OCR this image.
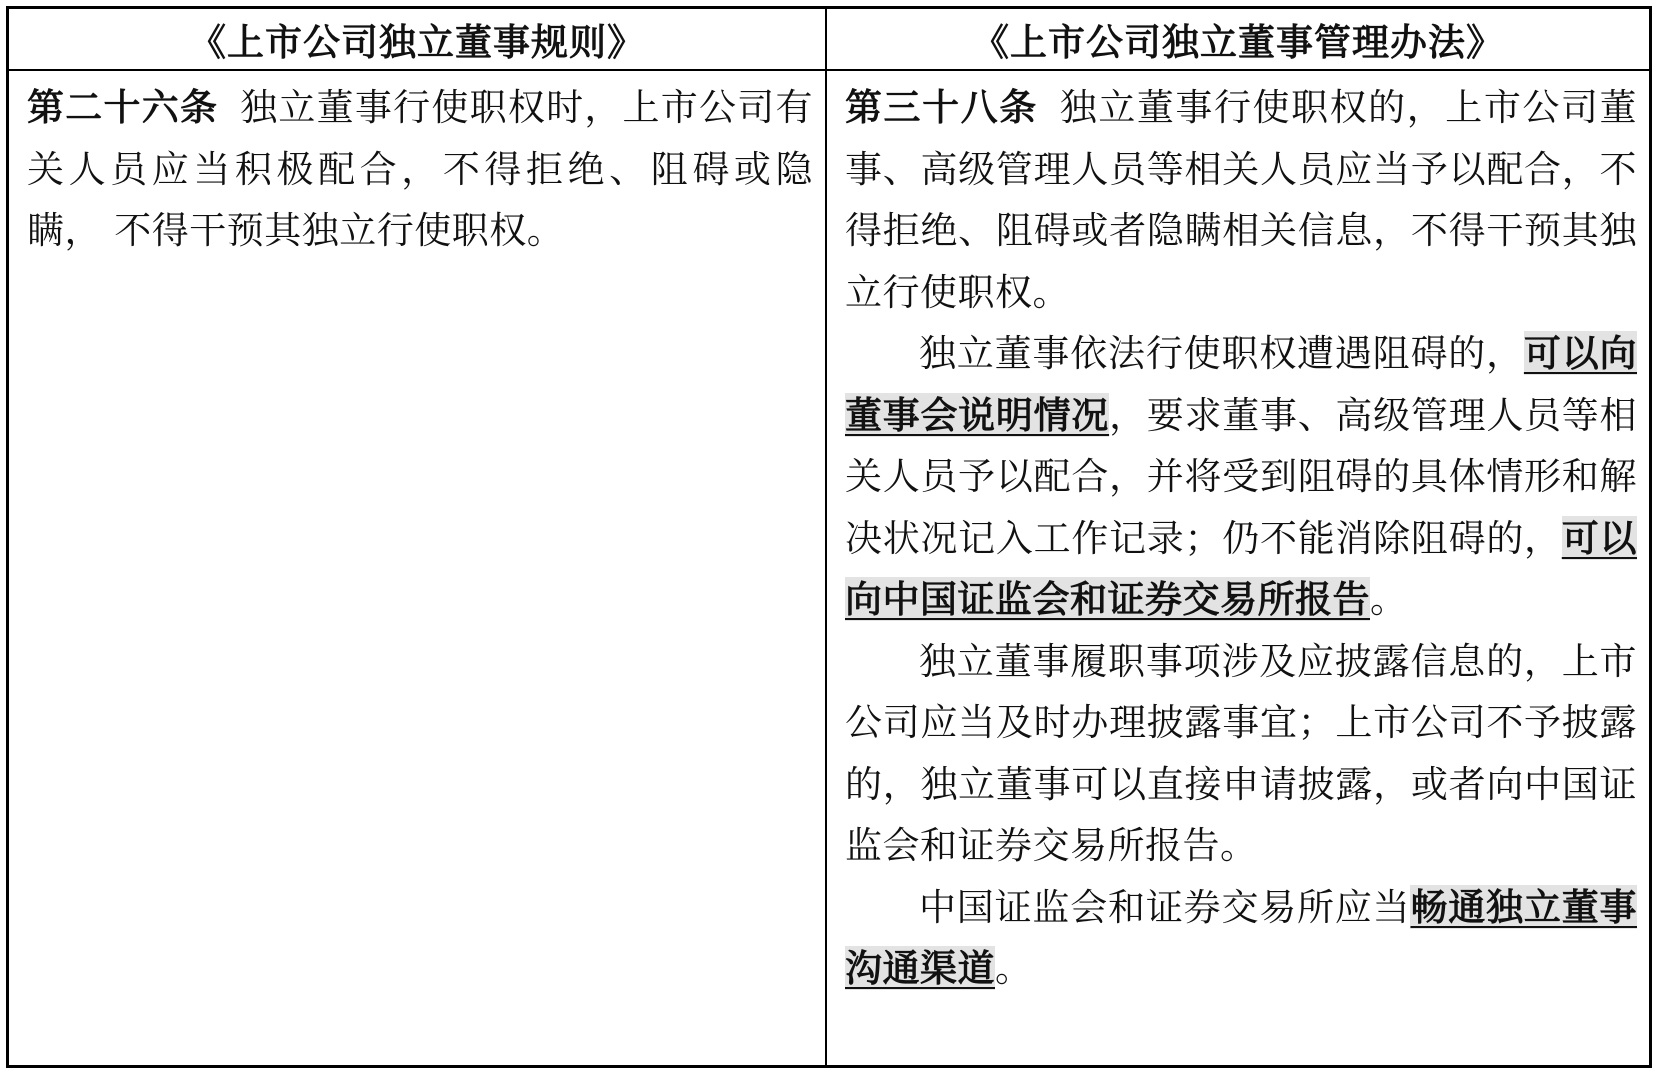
《上市公司独立董事规则》	《上市公司独立董事管理办法》

第二十六条 独立董事行使职权时，上市公司有关人员应当积极配合，不得拒绝、阻碍或隐瞒， 不得干预其独立行使职权。

第三十八条 独立董事行使职权的，上市公司董事、高级管理人员等相关人员应当予以配合，不得拒绝、阻碍或者隐瞒相关信息，不得干预其独立行使职权。

独立董事依法行使职权遭遇阻碍的，可以向董事会说明情况，要求董事、高级管理人员等相关人员予以配合，并将受到阻碍的具体情形和解决状况记入工作记录；仍不能消除阻碍的，可以向中国证监会和证券交易所报告。

独立董事履职事项涉及应披露信息的，上市公司应当及时办理披露事宜；上市公司不予披露的，独立董事可以直接申请披露，或者向中国证监会和证券交易所报告。

中国证监会和证券交易所应当畅通独立董事沟通渠道。
